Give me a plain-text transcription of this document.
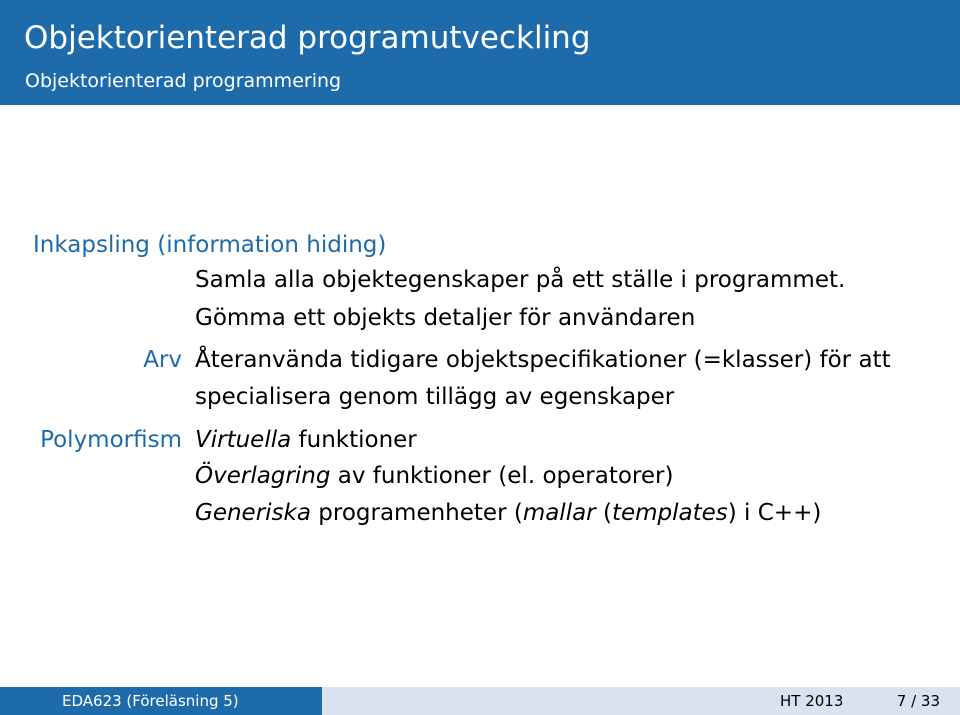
Objektorienterad programutveckling
Objektorienterad programmering
Inkapsling (information hiding)
Samla alla objektegenskaper på ett ställe i programmet.
Gömma ett objekts detaljer för användaren
Arv Återanvända tidigare objektspecifikationer (=klasser) för att
specialisera genom tillägg av egenskaper
Polymorfism Virtuella funktioner
Överlagring av funktioner (el. operatorer)
Generiska programenheter (mallar (templates) i C++)
EDA623 (Föreläsning 5)	HT 2013	7 / 33
